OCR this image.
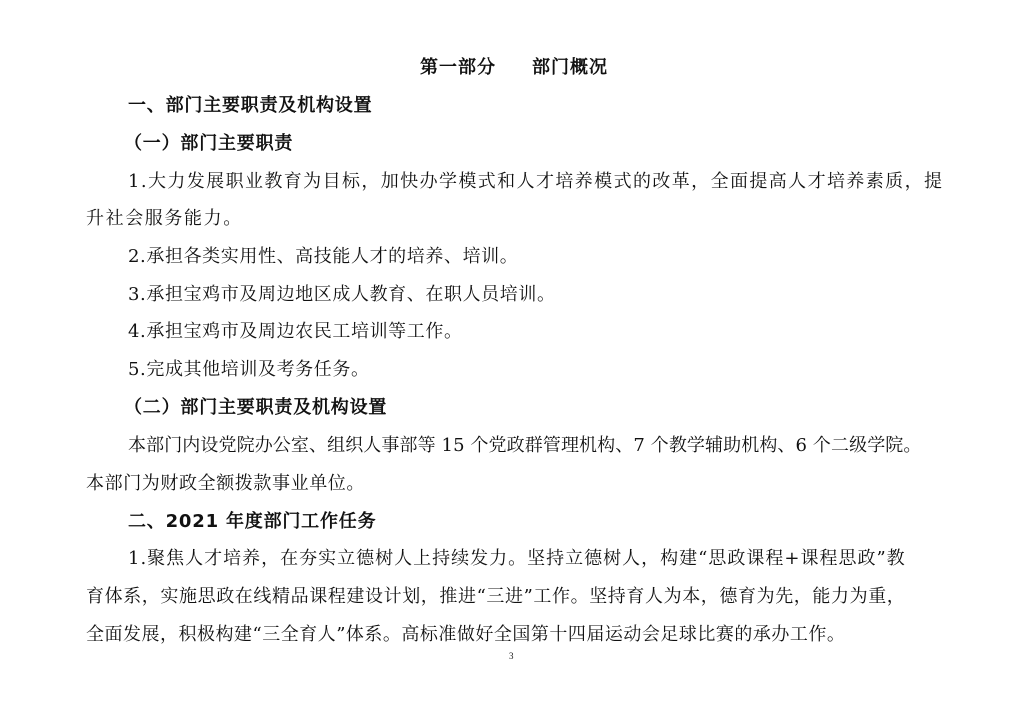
第一部分 部门概况
一、部门主要职责及机构设置
（一）部门主要职责
1.大力发展职业教育为目标，加快办学模式和人才培养模式的改革，全面提高人才培养素质，提
升社会服务能力。
2.承担各类实用性、高技能人才的培养、培训。
3.承担宝鸡市及周边地区成人教育、在职人员培训。
4.承担宝鸡市及周边农民工培训等工作。
5.完成其他培训及考务任务。
（二）部门主要职责及机构设置
本部门内设党院办公室、组织人事部等 15 个党政群管理机构、7 个教学辅助机构、6 个二级学院。
本部门为财政全额拨款事业单位。
二、2021 年度部门工作任务
1.聚焦人才培养，在夯实立德树人上持续发力。坚持立德树人，构建“思政课程+课程思政”教
育体系，实施思政在线精品课程建设计划，推进“三进”工作。坚持育人为本，德育为先，能力为重，
全面发展，积极构建“三全育人”体系。高标准做好全国第十四届运动会足球比赛的承办工作。
3
